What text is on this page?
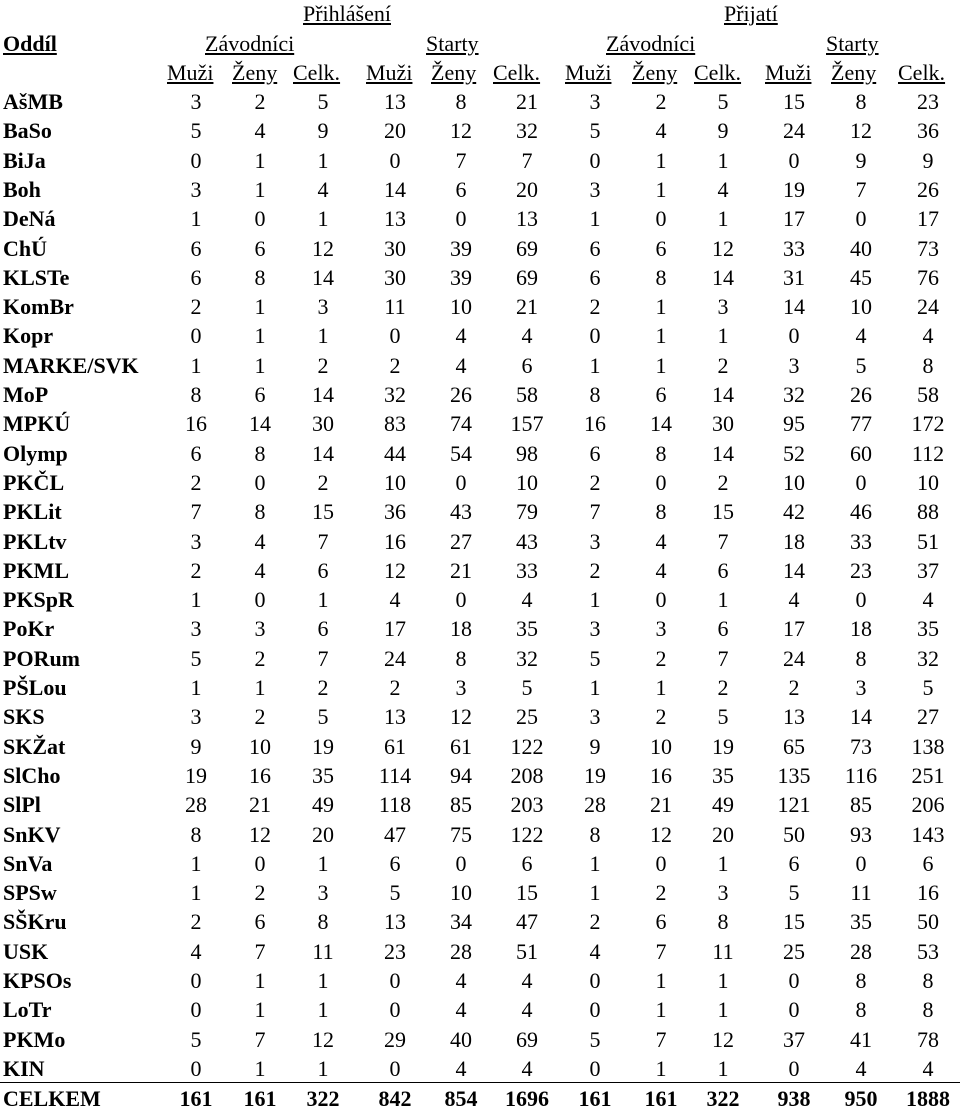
Přihlášení	Přijatí
Oddíl	Závodníci	Starty	Závodníci	Starty
Muži Ženy Celk. Muži Ženy Celk. Muži Ženy Celk. Muži Ženy Celk.
AšMB	3	2	5	13	8	21	3	2	5	15	8	23
BaSo	5	4	9	20	12	32	5	4	9	24	12	36
BiJa	0	1	1	0	7	7	0	1	1	0	9	9
Boh	3	1	4	14	6	20	3	1	4	19	7	26
DeNá	1	0	1	13	0	13	1	0	1	17	0	17
ChÚ	6	6	12	30	39	69	6	6	12	33	40	73
KLSTe	6	8	14	30	39	69	6	8	14	31	45	76
KomBr	2	1	3	11	10	21	2	1	3	14	10	24
Kopr	0	1	1	0	4	4	0	1	1	0	4	4
MARKE/SVK	1	1	2	2	4	6	1	1	2	3	5	8
MoP	8	6	14	32	26	58	8	6	14	32	26	58
MPKÚ	16	14	30	83	74	157	16	14	30	95	77	172
Olymp	6	8	14	44	54	98	6	8	14	52	60	112
PKČL	2	0	2	10	0	10	2	0	2	10	0	10
PKLit	7	8	15	36	43	79	7	8	15	42	46	88
PKLtv	3	4	7	16	27	43	3	4	7	18	33	51
PKML	2	4	6	12	21	33	2	4	6	14	23	37
PKSpR	1	0	1	4	0	4	1	0	1	4	0	4
PoKr	3	3	6	17	18	35	3	3	6	17	18	35
PORum	5	2	7	24	8	32	5	2	7	24	8	32
PŠLou	1	1	2	2	3	5	1	1	2	2	3	5
SKS	3	2	5	13	12	25	3	2	5	13	14	27
SKŽat	9	10	19	61	61	122	9	10	19	65	73	138
SlCho	19	16	35	114	94	208	19	16	35	135	116	251
SlPl	28	21	49	118	85	203	28	21	49	121	85	206
SnKV	8	12	20	47	75	122	8	12	20	50	93	143
SnVa	1	0	1	6	0	6	1	0	1	6	0	6
SPSw	1	2	3	5	10	15	1	2	3	5	11	16
SŠKru	2	6	8	13	34	47	2	6	8	15	35	50
USK	4	7	11	23	28	51	4	7	11	25	28	53
KPSOs	0	1	1	0	4	4	0	1	1	0	8	8
LoTr	0	1	1	0	4	4	0	1	1	0	8	8
PKMo	5	7	12	29	40	69	5	7	12	37	41	78
KIN	0	1	1	0	4	4	0	1	1	0	4	4
CELKEM	161	161	322	842	854	1696	161	161	322	938	950	1888
